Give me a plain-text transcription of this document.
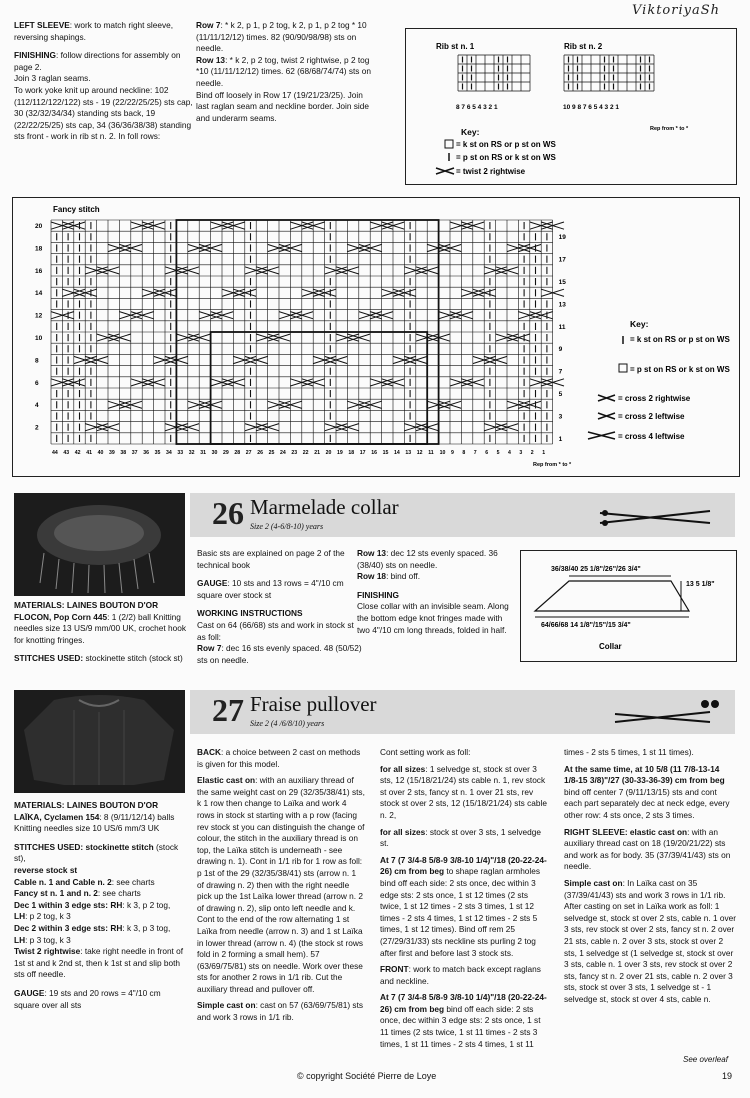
ViktoriyaSh

LEFT SLEEVE: work to match right sleeve, reversing shapings.

FINISHING: follow directions for assembly on page 2.
Join 3 raglan seams.
To work yoke knit up around neckline: 102 (112/112/122/122) sts - 19 (22/22/25/25) sts cap, 30 (32/32/34/34) standing sts back, 19 (22/22/25/25) sts cap, 34 (36/36/38/38) standing sts front - work in rib st n. 2. In foll rows:

Row 7: * k 2, p 1, p 2 tog, k 2, p 1, p 2 tog * 10 (11/11/12/12) times. 82 (90/90/98/98) sts on needle.
Row 13: * k 2, p 2 tog, twist 2 rightwise, p 2 tog *10 (11/11/12/12) times. 62 (68/68/74/74) sts on needle.
Bind off loosely in Row 17 (19/21/23/25). Join last raglan seam and neckline border. Join side and underarm seams.
Rib st n. 1	Rib st n. 2
8 7 6 5 4 3 2 1	10 9 8 7 6 5 4 3 2 1
Rep from * to *
Key:
= k st on RS or p st on WS
= p st on RS or k st on WS
= twist 2 rightwise
Fancy stitch
20
18
16
14
12
10
8
6
4
2
19
17
15
13
11
9
7
5
3
1
44 43 42 41 40 39 38 37 36 35 34 33 32 31 30 29 28 27 26 25 24 23 22 21 20 19 18 17 16 15 14 13 12 11 10 9 8 7 6 5 4 3 2 1
Rep from * to *
Key:
= k st on RS or p st on WS
= p st on RS or k st on WS
= cross 2 rightwise
= cross 2 leftwise
= cross 4 leftwise
26 Marmelade collar
Size 2 (4-6/8-10) years

MATERIALS: LAINES BOUTON D'OR FLOCON, Pop Corn 445: 1 (2/2) ball Knitting needles size 13 US/9 mm/00 UK, crochet hook for knotting fringes.

STITCHES USED: stockinette stitch (stock st)

Basic sts are explained on page 2 of the technical book

GAUGE: 10 sts and 13 rows = 4"/10 cm square over stock st

WORKING INSTRUCTIONS
Cast on 64 (66/68) sts and work in stock st as foll:
Row 7: dec 16 sts evenly spaced. 48 (50/52) sts on needle.
Row 13: dec 12 sts evenly spaced. 36 (38/40) sts on needle.

Row 18: bind off.

FINISHING
Close collar with an invisible seam. Along the bottom edge knot fringes made with two 4"/10 cm long threads, folded in half.
36/38/40 25 1/8"/26"/26 3/4"
13 5 1/8"
64/66/68 14 1/8"/15"/15 3/4"
Collar
27 Fraise pullover
Size 2 (4 /6/8/10) years

MATERIALS: LAINES BOUTON D'OR LAÏKA, Cyclamen 154: 8 (9/11/12/14) balls Knitting needles size 10 US/6 mm/3 UK

STITCHES USED: stockinette stitch (stock st),
reverse stock st
Cable n. 1 and Cable n. 2: see charts
Fancy st n. 1 and n. 2: see charts
Dec 1 within 3 edge sts: RH: k 3, p 2 tog,
LH: p 2 tog, k 3
Dec 2 within 3 edge sts: RH: k 3, p 3 tog,
LH: p 3 tog, k 3
Twist 2 rightwise: take right needle in front of 1st st and k 2nd st, then k 1st st and slip both sts off needle.

GAUGE: 19 sts and 20 rows = 4"/10 cm square over all sts

BACK: a choice between 2 cast on methods is given for this model.
Elastic cast on: with an auxiliary thread of the same weight cast on 29 (32/35/38/41) sts, k 1 row then change to Laïka and work 4 rows in stock st starting with a p row (facing rev stock st you can distinguish the change of colour, the stitch in the auxiliary thread is on top, the Laïka stitch is underneath - see drawing n. 1). Cont in 1/1 rib for 1 row as foll: p 1st of the 29 (32/35/38/41) sts (arrow n. 1 of drawing n. 2) then with the right needle pick up the 1st Laïka lower thread (arrow n. 2 of drawing n. 2), slip onto left needle and k. Cont to the end of the row alternating 1 st Laïka from needle (arrow n. 3) and 1 st Laïka in lower thread (arrow n. 4) (the stock st rows fold in 2 forming a small hem). 57 (63/69/75/81) sts on needle. Work over these sts for another 2 rows in 1/1 rib. Cut the auxiliary thread and pullover off.
Simple cast on: cast on 57 (63/69/75/81) sts and work 3 rows in 1/1 rib.
Cont setting work as foll:
for all sizes: 1 selvedge st, stock st over 3 sts, 12 (15/18/21/24) sts cable n. 1, rev stock st over 2 sts, fancy st n. 1 over 21 sts, rev stock st over 2 sts, 12 (15/18/21/24) sts cable n. 2,
for all sizes: stock st over 3 sts, 1 selvedge st.
At 7 (7 3/4-8 5/8-9 3/8-10 1/4)"/18 (20-22-24-26) cm from beg to shape raglan armholes bind off each side: 2 sts once, dec within 3 edge sts: 2 sts once, 1 st 12 times (2 sts twice, 1 st 12 times - 2 sts 3 times, 1 st 12 times - 2 sts 4 times, 1 st 12 times - 2 sts 5 times, 1 st 12 times). Bind off rem 25 (27/29/31/33) sts neckline sts purling 2 tog after first and before last 3 stock sts.
FRONT: work to match back except raglans and neckline.
At 7 (7 3/4-8 5/8-9 3/8-10 1/4)"/18 (20-22-24-26) cm from beg bind off each side: 2 sts once, dec within 3 edge sts: 2 sts once, 1 st 11 times (2 sts twice, 1 st 11 times - 2 sts 3 times, 1 st 11 times - 2 sts 4 times, 1 st 11
times - 2 sts 5 times, 1 st 11 times).
At the same time, at 10 5/8 (11 7/8-13-14 1/8-15 3/8)"/27 (30-33-36-39) cm from beg bind off center 7 (9/11/13/15) sts and cont each part separately dec at neck edge, every other row: 4 sts once, 2 sts 3 times.
RIGHT SLEEVE: elastic cast on: with an auxiliary thread cast on 18 (19/20/21/22) sts and work as for body. 35 (37/39/41/43) sts on needle.
Simple cast on: In Laïka cast on 35 (37/39/41/43) sts and work 3 rows in 1/1 rib. After casting on set in Laïka work as foll: 1 selvedge st, stock st over 2 sts, cable n. 1 over 3 sts, rev stock st over 2 sts, fancy st n. 2 over 21 sts, cable n. 2 over 3 sts, stock st over 2 sts, 1 selvedge st (1 selvedge st, stock st over 3 sts, cable n. 1 over 3 sts, rev stock st over 2 sts, fancy st n. 2 over 21 sts, cable n. 2 over 3 sts, stock st over 3 sts, 1 selvedge st - 1 selvedge st, stock st over 4 sts, cable n.
See overleaf
© copyright Société Pierre de Loye	19
